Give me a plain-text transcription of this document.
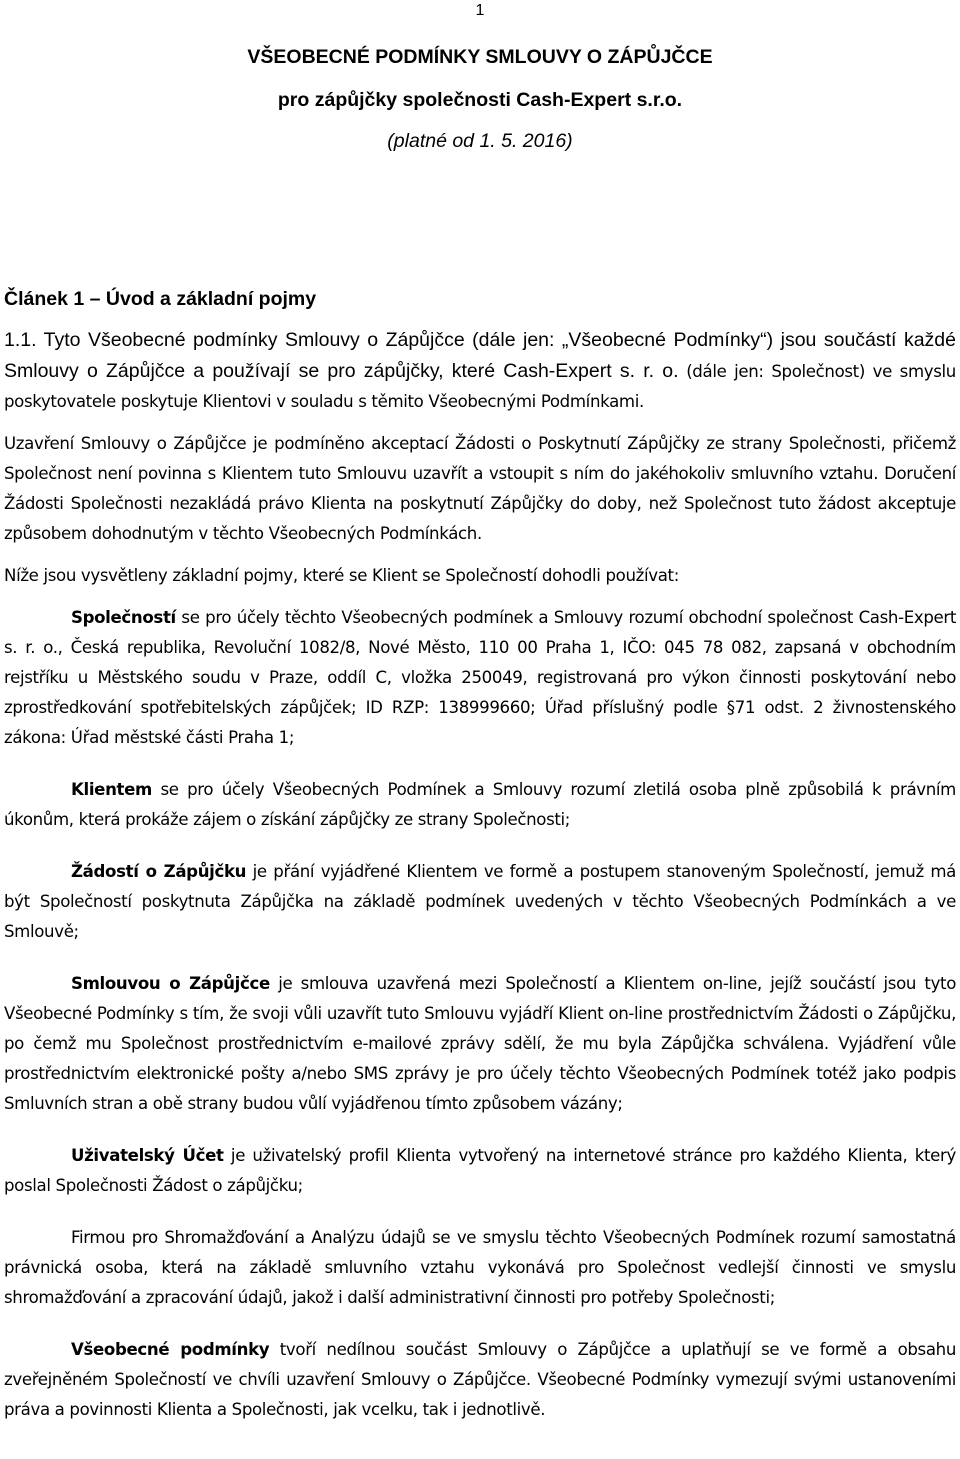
1
VŠEOBECNÉ PODMÍNKY SMLOUVY O ZÁPŮJČCE
pro zápůjčky společnosti Cash-Expert s.r.o.
(platné od 1. 5. 2016)
Článek 1 – Úvod a základní pojmy

1.1. Tyto Všeobecné podmínky Smlouvy o Zápůjčce (dále jen: „Všeobecné Podmínky“) jsou součástí každé Smlouvy o Zápůjčce a používají se pro zápůjčky, které Cash-Expert s. r. o. (dále jen: Společnost) ve smyslu poskytovatele poskytuje Klientovi v souladu s těmito Všeobecnými Podmínkami.

Uzavření Smlouvy o Zápůjčce je podmíněno akceptací Žádosti o Poskytnutí Zápůjčky ze strany Společnosti, přičemž Společnost není povinna s Klientem tuto Smlouvu uzavřít a vstoupit s ním do jakéhokoliv smluvního vztahu. Doručení Žádosti Společnosti nezakládá právo Klienta na poskytnutí Zápůjčky do doby, než Společnost tuto žádost akceptuje způsobem dohodnutým v těchto Všeobecných Podmínkách.

Níže jsou vysvětleny základní pojmy, které se Klient se Společností dohodli používat:

Společností se pro účely těchto Všeobecných podmínek a Smlouvy rozumí obchodní společnost Cash-Expert s. r. o., Česká republika, Revoluční 1082/8, Nové Město, 110 00 Praha 1, IČO: 045 78 082, zapsaná v obchodním rejstříku u Městského soudu v Praze, oddíl C, vložka 250049, registrovaná pro výkon činnosti poskytování nebo zprostředkování spotřebitelských zápůjček; ID RZP: 138999660; Úřad příslušný podle §71 odst. 2 živnostenského zákona: Úřad městské části Praha 1;

Klientem se pro účely Všeobecných Podmínek a Smlouvy rozumí zletilá osoba plně způsobilá k právním úkonům, která prokáže zájem o získání zápůjčky ze strany Společnosti;

Žádostí o Zápůjčku je přání vyjádřené Klientem ve formě a postupem stanoveným Společností, jemuž má být Společností poskytnuta Zápůjčka na základě podmínek uvedených v těchto Všeobecných Podmínkách a ve Smlouvě;

Smlouvou o Zápůjčce je smlouva uzavřená mezi Společností a Klientem on-line, jejíž součástí jsou tyto Všeobecné Podmínky s tím, že svoji vůli uzavřít tuto Smlouvu vyjádří Klient on-line prostřednictvím Žádosti o Zápůjčku, po čemž mu Společnost prostřednictvím e-mailové zprávy sdělí, že mu byla Zápůjčka schválena. Vyjádření vůle prostřednictvím elektronické pošty a/nebo SMS zprávy je pro účely těchto Všeobecných Podmínek totéž jako podpis Smluvních stran a obě strany budou vůlí vyjádřenou tímto způsobem vázány;

Uživatelský Účet je uživatelský profil Klienta vytvořený na internetové stránce pro každého Klienta, který poslal Společnosti Žádost o zápůjčku;

Firmou pro Shromažďování a Analýzu údajů se ve smyslu těchto Všeobecných Podmínek rozumí samostatná právnická osoba, která na základě smluvního vztahu vykonává pro Společnost vedlejší činnosti ve smyslu shromažďování a zpracování údajů, jakož i další administrativní činnosti pro potřeby Společnosti;

Všeobecné podmínky tvoří nedílnou součást Smlouvy o Zápůjčce a uplatňují se ve formě a obsahu zveřejněném Společností ve chvíli uzavření Smlouvy o Zápůjčce. Všeobecné Podmínky vymezují svými ustanoveními práva a povinnosti Klienta a Společnosti, jak vcelku, tak i jednotlivě.
